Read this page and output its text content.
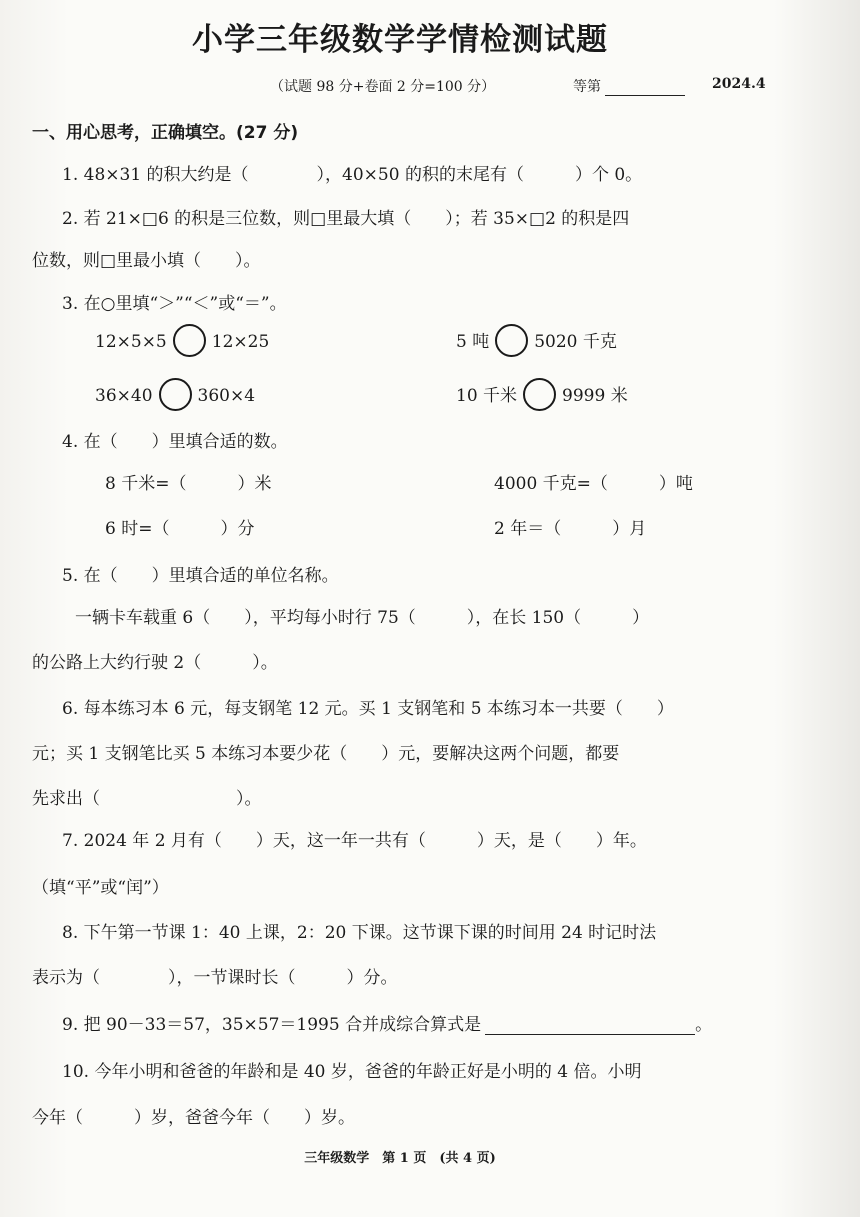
小学三年级数学学情检测试题
（试题 98 分+卷面 2 分=100 分）	等第	2024.4
一、用心思考，正确填空。(27 分)
1. 48×31 的积大约是（　　　　），40×50 的积的末尾有（　　　）个 0。
2. 若 21×□6 的积是三位数，则□里最大填（　　）；若 35×□2 的积是四
位数，则□里最小填（　　）。
3. 在○里填“＞”“＜”或“＝”。
12×5×5	12×25	5 吨	5020 千克
36×40	360×4	10 千米	9999 米
4. 在（　　）里填合适的数。
8 千米=（　　　）米	4000 千克=（　　　）吨
6 时=（　　　）分	2 年＝（　　　）月
5. 在（　　）里填合适的单位名称。
一辆卡车载重 6（　　），平均每小时行 75（　　　），在长 150（　　　）
的公路上大约行驶 2（　　　）。
6. 每本练习本 6 元，每支钢笔 12 元。买 1 支钢笔和 5 本练习本一共要（　　）
元；买 1 支钢笔比买 5 本练习本要少花（　　）元，要解决这两个问题，都要
先求出（　　　　　　　　）。
7. 2024 年 2 月有（　　）天，这一年一共有（　　　）天，是（　　）年。
（填“平”或“闰”）
8. 下午第一节课 1：40 上课，2：20 下课。这节课下课的时间用 24 时记时法
表示为（　　　　），一节课时长（　　　）分。
9. 把 90－33＝57，35×57＝1995 合并成综合算式是	。
10. 今年小明和爸爸的年龄和是 40 岁，爸爸的年龄正好是小明的 4 倍。小明
今年（　　　）岁，爸爸今年（　　）岁。
三年级数学　第 1 页　(共 4 页)
